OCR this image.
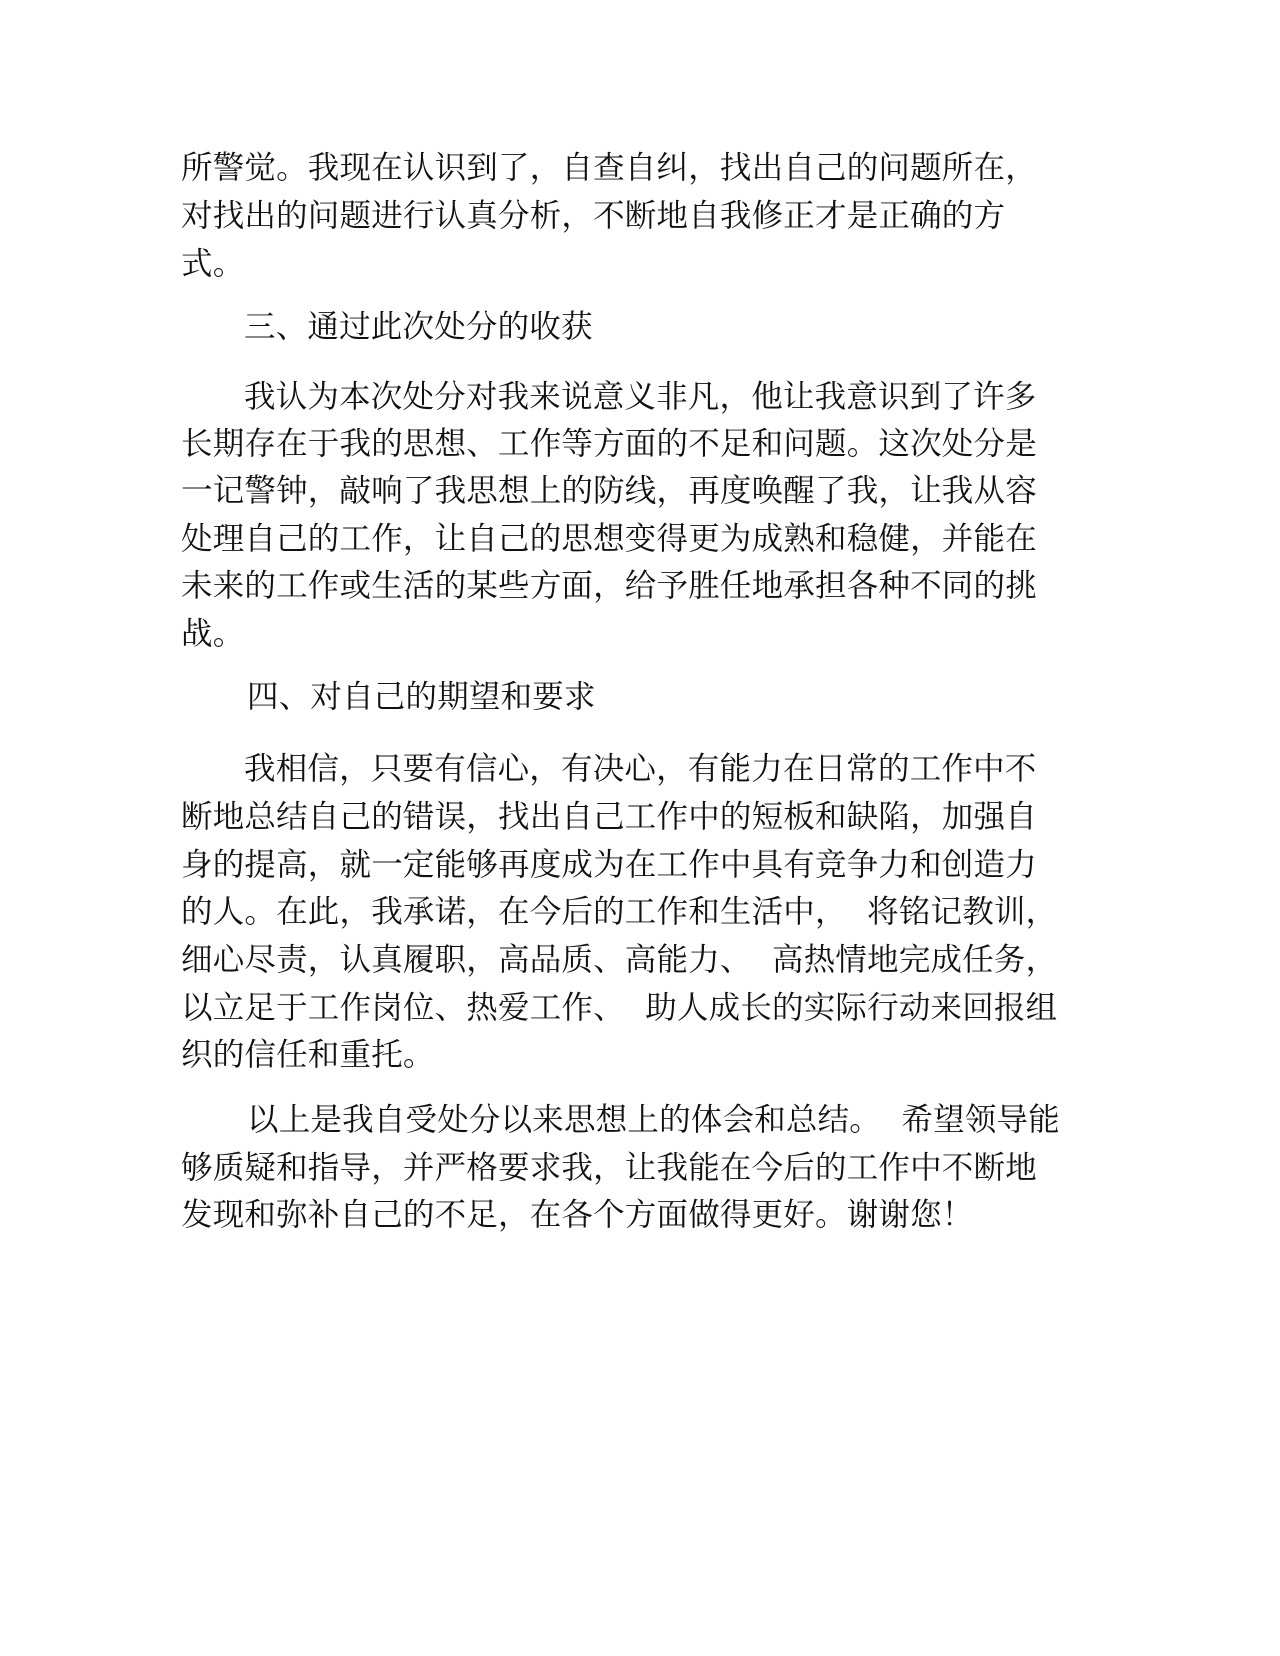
所警觉。我现在认识到了，自查自纠，找出自己的问题所在，
对找出的问题进行认真分析，不断地自我修正才是正确的方
式。
三、通过此次处分的收获
我认为本次处分对我来说意义非凡，他让我意识到了许多
长期存在于我的思想、工作等方面的不足和问题。这次处分是
一记警钟，敲响了我思想上的防线，再度唤醒了我，让我从容
处理自己的工作，让自己的思想变得更为成熟和稳健，并能在
未来的工作或生活的某些方面，给予胜任地承担各种不同的挑
战。
四、对自己的期望和要求
我相信，只要有信心，有决心，有能力在日常的工作中不
断地总结自己的错误，找出自己工作中的短板和缺陷，加强自
身的提高，就一定能够再度成为在工作中具有竞争力和创造力
的人。在此，我承诺，在今后的工作和生活中，  将铭记教训，
细心尽责，认真履职，高品质、高能力、  高热情地完成任务，
以立足于工作岗位、热爱工作、  助人成长的实际行动来回报组
织的信任和重托。
以上是我自受处分以来思想上的体会和总结。  希望领导能
够质疑和指导，并严格要求我，让我能在今后的工作中不断地
发现和弥补自己的不足，在各个方面做得更好。谢谢您！
